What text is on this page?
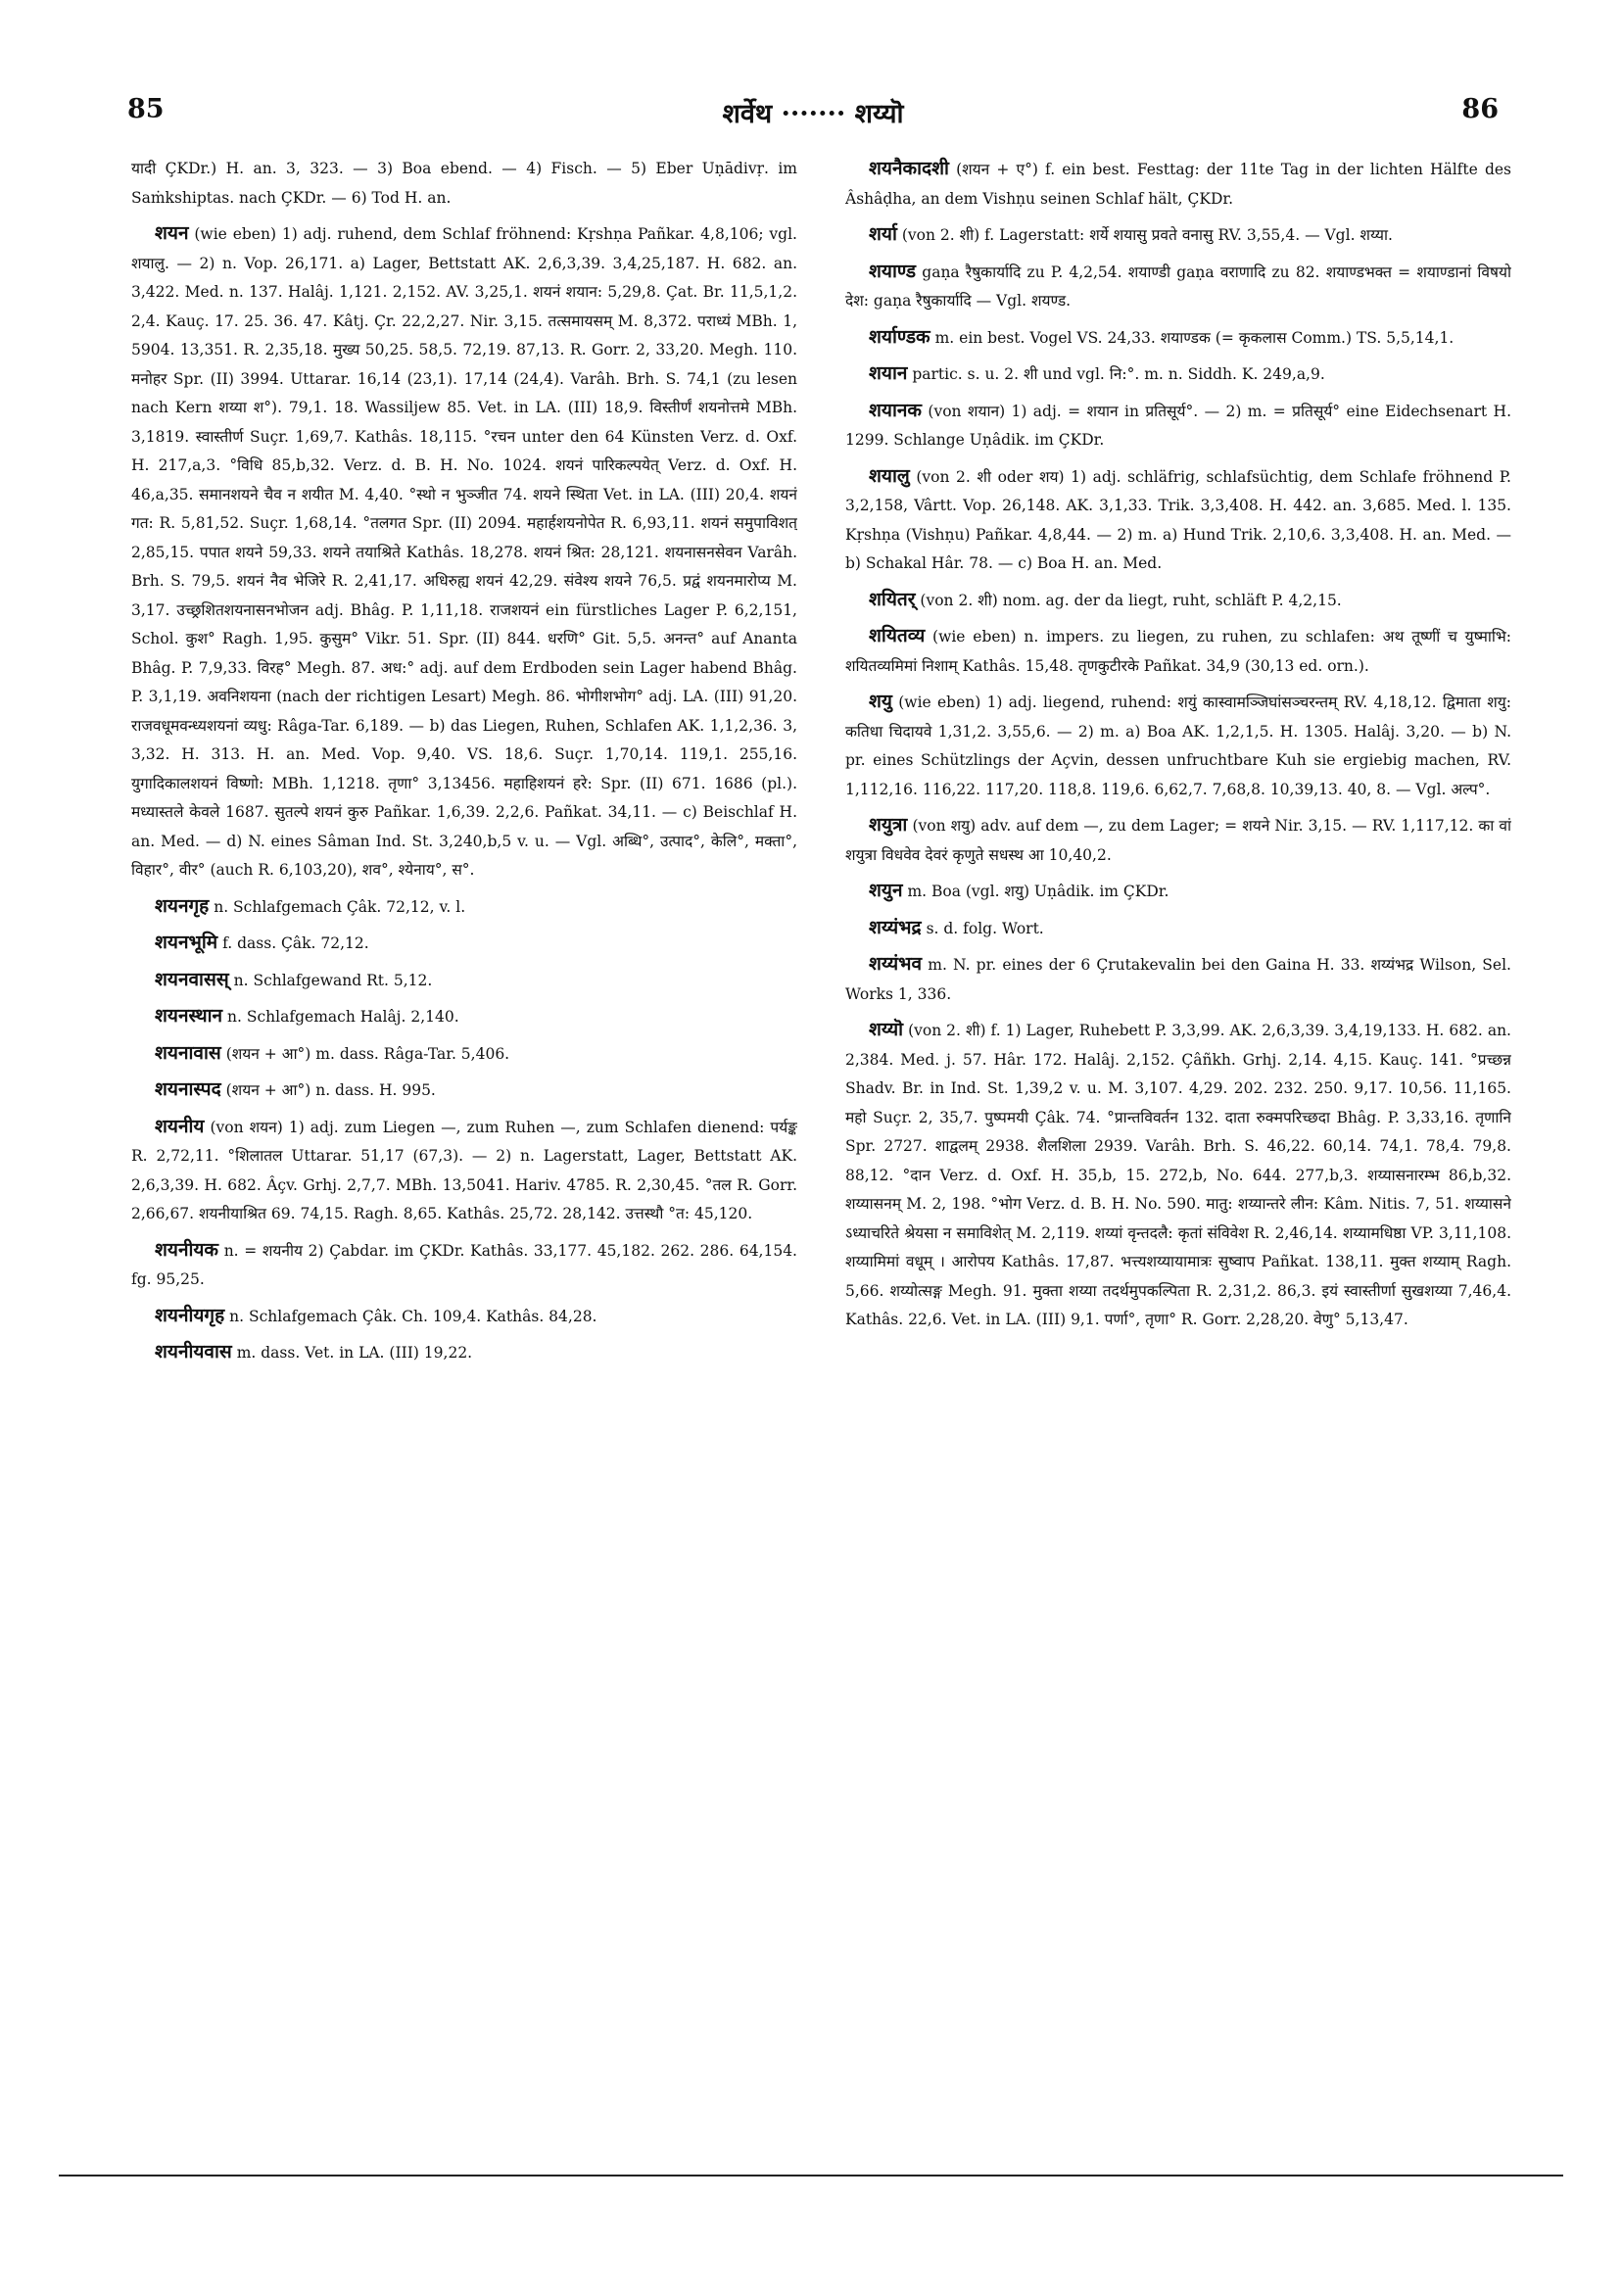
85	शर्वेथ ······· शय्यॊ	86

यादी ÇKDr.) H. an. 3, 323. — 3) Boa ebend. — 4) Fisch. — 5) Eber Uṇādivṛ. im Saṁkshiptas. nach ÇKDr. — 6) Tod H. an.

शयन (wie eben) 1) adj. ruhend, dem Schlaf fröhnend: Kṛshṇa Pañkar. 4,8,106; vgl. शयालु. — 2) n. Vop. 26,171. a) Lager, Bettstatt AK. 2,6,3,39. 3,4,25,187. H. 682. an. 3,422. Med. n. 137. Halâj. 1,121. 2,152. AV. 3,25,1. शयनं शयान: 5,29,8. Çat. Br. 11,5,1,2. 2,4. Kauç. 17. 25. 36. 47. Kâtj. Çr. 22,2,27. Nir. 3,15. तत्समायसम् M. 8,372. पराध्यं MBh. 1, 5904. 13,351. R. 2,35,18. मुख्य 50,25. 58,5. 72,19. 87,13. R. Gorr. 2, 33,20. Megh. 110. मनोहर Spr. (II) 3994. Uttarar. 16,14 (23,1). 17,14 (24,4). Varâh. Brh. S. 74,1 (zu lesen nach Kern शय्या श°). 79,1. 18. Wassiljew 85. Vet. in LA. (III) 18,9. विस्तीर्णं शयनोत्तमे MBh. 3,1819. स्वास्तीर्ण Suçr. 1,69,7. Kathâs. 18,115. °रचन unter den 64 Künsten Verz. d. Oxf. H. 217,a,3. °विधि 85,b,32. Verz. d. B. H. No. 1024. शयनं पारिकल्पयेत् Verz. d. Oxf. H. 46,a,35. समानशयने चैव न शयीत M. 4,40. °स्थो न भुञ्जीत 74. शयने स्थिता Vet. in LA. (III) 20,4. शयनं गत: R. 5,81,52. Suçr. 1,68,14. °तलगत Spr. (II) 2094. महार्हशयनोपेत R. 6,93,11. शयनं समुपाविशत् 2,85,15. पपात शयने 59,33. शयने तयाश्रिते Kathâs. 18,278. शयनं श्रित: 28,121. शयनासनसेवन Varâh. Brh. S. 79,5. शयनं नैव भेजिरे R. 2,41,17. अधिरुह्य शयनं 42,29. संवेश्य शयने 76,5. प्रद्वं शयनमारोप्य M. 3,17. उच्छ्रशितशयनासनभोजन adj. Bhâg. P. 1,11,18. राजशयनं ein fürstliches Lager P. 6,2,151, Schol. कुश° Ragh. 1,95. कुसुम° Vikr. 51. Spr. (II) 844. धरणि° Git. 5,5. अनन्त° auf Ananta Bhâg. P. 7,9,33. विरह° Megh. 87. अध:° adj. auf dem Erdboden sein Lager habend Bhâg. P. 3,1,19. अवनिशयना (nach der richtigen Lesart) Megh. 86. भोगीशभोग° adj. LA. (III) 91,20. राजवधूमवन्ध्यशयनां व्यधु: Râga-Tar. 6,189. — b) das Liegen, Ruhen, Schlafen AK. 1,1,2,36. 3, 3,32. H. 313. H. an. Med. Vop. 9,40. VS. 18,6. Suçr. 1,70,14. 119,1. 255,16. युगादिकालशयनं विष्णो: MBh. 1,1218. तृणा° 3,13456. महाहिशयनं हरे: Spr. (II) 671. 1686 (pl.). मध्यास्तले केवले 1687. सुतल्पे शयनं कुरु Pañkar. 1,6,39. 2,2,6. Pañkat. 34,11. — c) Beischlaf H. an. Med. — d) N. eines Sâman Ind. St. 3,240,b,5 v. u. — Vgl. अब्धि°, उत्पाद°, केलि°, मक्ता°, विहार°, वीर° (auch R. 6,103,20), शव°, श्येनाय°, स°.

शयनगृह n. Schlafgemach Çâk. 72,12, v. l.

शयनभूमि f. dass. Çâk. 72,12.

शयनवासस् n. Schlafgewand Rt. 5,12.

शयनस्थान n. Schlafgemach Halâj. 2,140.

शयनावास (शयन + आ°) m. dass. Râga-Tar. 5,406.

शयनास्पद (शयन + आ°) n. dass. H. 995.

शयनीय (von शयन) 1) adj. zum Liegen —, zum Ruhen —, zum Schlafen dienend: पर्यङ्क R. 2,72,11. °शिलातल Uttarar. 51,17 (67,3). — 2) n. Lagerstatt, Lager, Bettstatt AK. 2,6,3,39. H. 682. Âçv. Grhj. 2,7,7. MBh. 13,5041. Hariv. 4785. R. 2,30,45. °तल R. Gorr. 2,66,67. शयनीयाश्रित 69. 74,15. Ragh. 8,65. Kathâs. 25,72. 28,142. उत्तस्थौ °त: 45,120.

शयनीयक n. = शयनीय 2) Çabdar. im ÇKDr. Kathâs. 33,177. 45,182. 262. 286. 64,154. fg. 95,25.

शयनीयगृह n. Schlafgemach Çâk. Ch. 109,4. Kathâs. 84,28.

शयनीयवास m. dass. Vet. in LA. (III) 19,22.

शयनैकादशी (शयन + ए°) f. ein best. Festtag: der 11te Tag in der lichten Hälfte des Âshâḍha, an dem Vishṇu seinen Schlaf hält, ÇKDr.

शर्या (von 2. शी) f. Lagerstatt: शर्ये शयासु प्रवते वनासु RV. 3,55,4. — Vgl. शय्या.

शयाण्ड gaṇa रैषुकार्यादि zu P. 4,2,54. शयाण्डी gaṇa वराणादि zu 82. शयाण्डभक्त = शयाण्डानां विषयो देश: gaṇa रैषुकार्यादि — Vgl. शयण्ड.

शर्याण्डक m. ein best. Vogel VS. 24,33. शयाण्डक (= कृकलास Comm.) TS. 5,5,14,1.

शयान partic. s. u. 2. शी und vgl. नि:°. m. n. Siddh. K. 249,a,9.

शयानक (von शयान) 1) adj. = शयान in प्रतिसूर्य°. — 2) m. = प्रतिसूर्य° eine Eidechsenart H. 1299. Schlange Uṇâdik. im ÇKDr.

शयालु (von 2. शी oder शय) 1) adj. schläfrig, schlafsüchtig, dem Schlafe fröhnend P. 3,2,158, Vârtt. Vop. 26,148. AK. 3,1,33. Trik. 3,3,408. H. 442. an. 3,685. Med. l. 135. Kṛshṇa (Vishṇu) Pañkar. 4,8,44. — 2) m. a) Hund Trik. 2,10,6. 3,3,408. H. an. Med. — b) Schakal Hâr. 78. — c) Boa H. an. Med.

शयितर् (von 2. शी) nom. ag. der da liegt, ruht, schläft P. 4,2,15.

शयितव्य (wie eben) n. impers. zu liegen, zu ruhen, zu schlafen: अथ तूष्णीं च युष्माभि: शयितव्यमिमां निशाम् Kathâs. 15,48. तृणकुटीरके Pañkat. 34,9 (30,13 ed. orn.).

शयु (wie eben) 1) adj. liegend, ruhend: शयुं कास्वामञ्जिघांसञ्चरन्तम् RV. 4,18,12. द्विमाता शयु: कतिधा चिदायवे 1,31,2. 3,55,6. — 2) m. a) Boa AK. 1,2,1,5. H. 1305. Halâj. 3,20. — b) N. pr. eines Schützlings der Açvin, dessen unfruchtbare Kuh sie ergiebig machen, RV. 1,112,16. 116,22. 117,20. 118,8. 119,6. 6,62,7. 7,68,8. 10,39,13. 40, 8. — Vgl. अल्प°.

शयुत्रा (von शयु) adv. auf dem —, zu dem Lager; = शयने Nir. 3,15. — RV. 1,117,12. का वां शयुत्रा विधवेव देवरं कृणुते सधस्थ आ 10,40,2.

शयुन m. Boa (vgl. शयु) Uṇâdik. im ÇKDr.

शय्यंभद्र s. d. folg. Wort.

शय्यंभव m. N. pr. eines der 6 Çrutakevalin bei den Gaina H. 33. शय्यंभद्र Wilson, Sel. Works 1, 336.

शय्यॊ (von 2. शी) f. 1) Lager, Ruhebett P. 3,3,99. AK. 2,6,3,39. 3,4,19,133. H. 682. an. 2,384. Med. j. 57. Hâr. 172. Halâj. 2,152. Çâñkh. Grhj. 2,14. 4,15. Kauç. 141. °प्रच्छन्न Shadv. Br. in Ind. St. 1,39,2 v. u. M. 3,107. 4,29. 202. 232. 250. 9,17. 10,56. 11,165. महो Suçr. 2, 35,7. पुष्पमयी Çâk. 74. °प्रान्तविवर्तन 132. दाता रुक्मपरिच्छदा Bhâg. P. 3,33,16. तृणानि Spr. 2727. शाद्वलम् 2938. शैलशिला 2939. Varâh. Brh. S. 46,22. 60,14. 74,1. 78,4. 79,8. 88,12. °दान Verz. d. Oxf. H. 35,b, 15. 272,b, No. 644. 277,b,3. शय्यासनारम्भ 86,b,32. शय्यासनम् M. 2, 198. °भोग Verz. d. B. H. No. 590. मातु: शय्यान्तरे लीन: Kâm. Nitis. 7, 51. शय्यासने ऽध्याचरिते श्रेयसा न समाविशेत् M. 2,119. शय्यां वृन्तदलै: कृतां संविवेश R. 2,46,14. शय्यामधिष्ठा VP. 3,11,108. शय्यामिमां वधूम् । आरोपय Kathâs. 17,87. भत्त्यशय्यायामात्रः सुष्वाप Pañkat. 138,11. मुक्त शय्याम् Ragh. 5,66. शय्योत्सङ्ग Megh. 91. मुक्ता शय्या तदर्थमुपकल्पिता R. 2,31,2. 86,3. इयं स्वास्तीर्णा सुखशय्या 7,46,4. Kathâs. 22,6. Vet. in LA. (III) 9,1. पर्णा°, तृणा° R. Gorr. 2,28,20. वेणु° 5,13,47.
